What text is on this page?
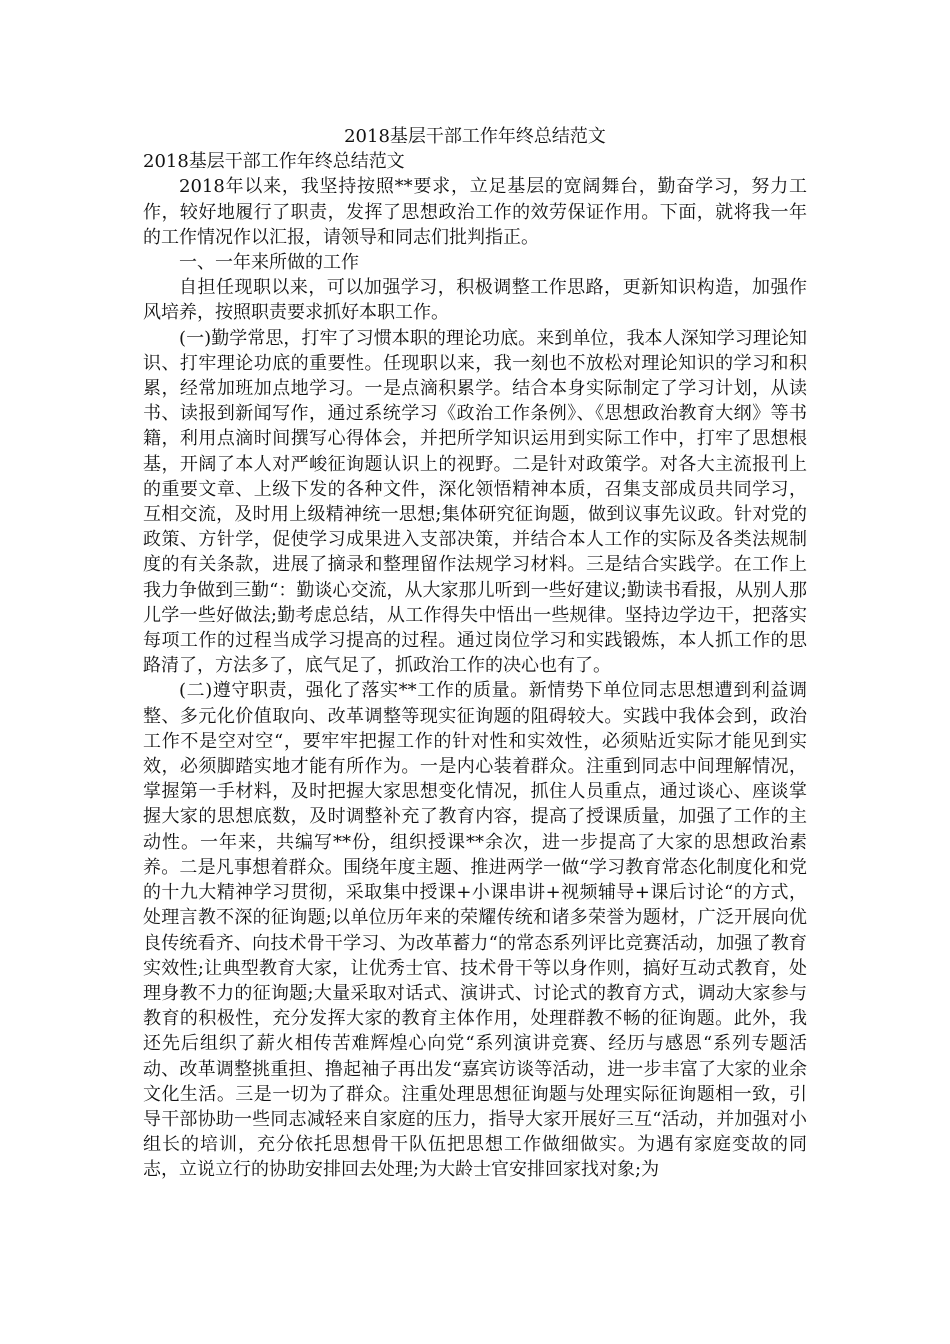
2018基层干部工作年终总结范文
2018基层干部工作年终总结范文

2018年以来，我坚持按照**要求，立足基层的宽阔舞台，勤奋学习，努力工作，较好地履行了职责，发挥了思想政治工作的效劳保证作用。下面，就将我一年的工作情况作以汇报，请领导和同志们批判指正。

一、一年来所做的工作

自担任现职以来，可以加强学习，积极调整工作思路，更新知识构造，加强作风培养，按照职责要求抓好本职工作。

(一)勤学常思，打牢了习惯本职的理论功底。来到单位，我本人深知学习理论知识、打牢理论功底的重要性。任现职以来，我一刻也不放松对理论知识的学习和积累，经常加班加点地学习。一是点滴积累学。结合本身实际制定了学习计划，从读书、读报到新闻写作，通过系统学习《政治工作条例》、《思想政治教育大纲》等书籍，利用点滴时间撰写心得体会，并把所学知识运用到实际工作中，打牢了思想根基，开阔了本人对严峻征询题认识上的视野。二是针对政策学。对各大主流报刊上的重要文章、上级下发的各种文件，深化领悟精神本质，召集支部成员共同学习，互相交流，及时用上级精神统一思想;集体研究征询题，做到议事先议政。针对党的政策、方针学，促使学习成果进入支部决策，并结合本人工作的实际及各类法规制度的有关条款，进展了摘录和整理留作法规学习材料。三是结合实践学。在工作上我力争做到三勤“：勤谈心交流，从大家那儿听到一些好建议;勤读书看报，从别人那儿学一些好做法;勤考虑总结，从工作得失中悟出一些规律。坚持边学边干，把落实每项工作的过程当成学习提高的过程。通过岗位学习和实践锻炼，本人抓工作的思路清了，方法多了，底气足了，抓政治工作的决心也有了。

(二)遵守职责，强化了落实**工作的质量。新情势下单位同志思想遭到利益调整、多元化价值取向、改革调整等现实征询题的阻碍较大。实践中我体会到，政治工作不是空对空“，要牢牢把握工作的针对性和实效性，必须贴近实际才能见到实效，必须脚踏实地才能有所作为。一是内心装着群众。注重到同志中间理解情况，掌握第一手材料，及时把握大家思想变化情况，抓住人员重点，通过谈心、座谈掌握大家的思想底数，及时调整补充了教育内容，提高了授课质量，加强了工作的主动性。一年来，共编写**份，组织授课**余次，进一步提高了大家的思想政治素养。二是凡事想着群众。围绕年度主题、推进两学一做“学习教育常态化制度化和党的十九大精神学习贯彻，采取集中授课+小课串讲+视频辅导+课后讨论“的方式，处理言教不深的征询题;以单位历年来的荣耀传统和诸多荣誉为题材，广泛开展向优良传统看齐、向技术骨干学习、为改革蓄力“的常态系列评比竞赛活动，加强了教育实效性;让典型教育大家，让优秀士官、技术骨干等以身作则，搞好互动式教育，处理身教不力的征询题;大量采取对话式、演讲式、讨论式的教育方式，调动大家参与教育的积极性，充分发挥大家的教育主体作用，处理群教不畅的征询题。此外，我还先后组织了薪火相传苦难辉煌心向党“系列演讲竞赛、经历与感恩“系列专题活动、改革调整挑重担、撸起袖子再出发“嘉宾访谈等活动，进一步丰富了大家的业余文化生活。三是一切为了群众。注重处理思想征询题与处理实际征询题相一致，引导干部协助一些同志减轻来自家庭的压力，指导大家开展好三互“活动，并加强对小组长的培训，充分依托思想骨干队伍把思想工作做细做实。为遇有家庭变故的同志，立说立行的协助安排回去处理;为大龄士官安排回家找对象;为
